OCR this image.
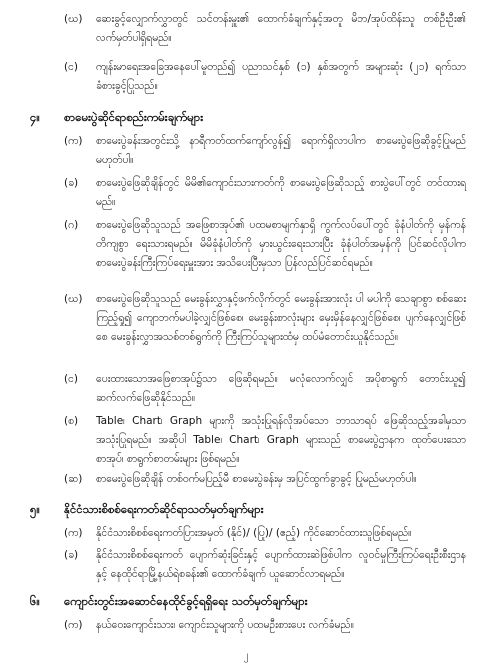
(ဃ) ဆေးခွင့်လျှောက်လွှာတွင် သင်တန်းမှူး၏ ထောက်ခံချက်နှင့်အတူ မိဘ/အုပ်ထိန်းသူ တစ်ဦးဦး၏ လက်မှတ်ပါရှိရမည်။
(င) ကျန်းမာရေးအခြေအနေပေါ်မူတည်၍ ပညာသင်နှစ် (၁) နှစ်အတွက် အများဆုံး (၂၁) ရက်သာ ခံစားခွင့်ပြုသည်။
၄။ စာမေးပွဲဆိုင်ရာစည်းကမ်းချက်များ
(က) စာမေးပွဲခန်းအတွင်းသို့ နာရီကတ်ထက်ကျော်လွန်၍ ရောက်ရှိလာပါက စာမေးပွဲဖြေဆိုခွင့်ပြုမည် မဟုတ်ပါ။
(ခ) စာမေးပွဲဖြေဆိုချိန်တွင် မိမိ၏ကျောင်းသားကတ်ကို စာမေးပွဲဖြေဆိုသည့် စားပွဲပေါ်တွင် တင်ထားရမည်။
(ဂ) စာမေးပွဲဖြေဆိုသူသည် အဖြေစာအုပ်၏ ပထမစာမျက်နှာရှိ ကွက်လပ်ပေါ်တွင် ခုံနံပါတ်ကို မှန်ကန်တိကျစွာ ရေးသားရမည်။ မိမိခုံနံပါတ်ကို မှားယွင်းရေးသားပြီး ခုံနံပါတ်အမှန်ကို ပြင်ဆင်လိုပါက စာမေးပွဲခန်းကြီးကြပ်ရေးမှူးအား အသိပေးပြီးမှသာ ပြန်လည်ပြင်ဆင်ရမည်။
(ဃ) စာမေးပွဲဖြေဆိုသူသည် မေးခွန်းလွှာနှင့်ဖက်လိုက်တွင် မေးခွန်းအားလုံး ပါ မပါကို သေချာစွာ စစ်ဆေးကြည့်ရှု၍ ကျောဘက်မပါခဲ့လျှင်ဖြစ်စေ၊ မေးခွန်းစာလုံးများ မှေးမှိန်နေလျှင်ဖြစ်စေ၊ ပျက်နေလျှင်ဖြစ်စေ မေးခွန်းလွှာအသစ်တစ်ရွက်ကို ကြီးကြပ်သူများထံမှ ထပ်မံတောင်းယူနိုင်သည်။
(င) ပေးထားသောအဖြေစာအုပ်၌သာ ဖြေဆိုရမည်။ မလုံလောက်လျှင် အပိုစာရွက် တောင်းယူ၍ ဆက်လက်ဖြေဆိုနိုင်သည်။
(စ) Table၊ Chart၊ Graph များကို အသုံးပြုရန်လိုအပ်သော ဘာသာရပ် ဖြေဆိုသည့်အခါမှသာ အသုံးပြုရမည်။ အဆိုပါ Table၊ Chart၊ Graph များသည် စာမေးပွဲဌာနက ထုတ်ပေးသော စာအုပ်၊ စာရွက်စာတမ်းများ ဖြစ်ရမည်။
(ဆ) စာမေးပွဲဖြေဆိုချိန် တစ်ဝက်မပြည့်မီ စာမေးပွဲခန်းမှ အပြင်ထွက်ခွာခွင့် ပြုမည်မဟုတ်ပါ။
၅။ နိုင်ငံသားစိစစ်ရေးကတ်ဆိုင်ရာသတ်မှတ်ချက်များ
(က) နိုင်ငံသားစိစစ်ရေးကတ်ပြားအမှတ် (နိုင်)/ (ပြု)/ (ဧည့်) ကိုင်ဆောင်ထားသူဖြစ်ရမည်။
(ခ) နိုင်ငံသားစိစစ်ရေးကတ် ပျောက်ဆုံးခြင်းနှင့် ပျောက်ထားဆဲဖြစ်ပါက လူဝင်မှုကြီးကြပ်ရေးဦးစီးဌာနနှင့် နေထိုင်ရာမြို့နယ်ရဲစခန်း၏ ထောက်ခံချက် ယူဆောင်လာရမည်။
၆။ ကျောင်းတွင်းအဆောင်နေထိုင်ခွင့်ရရှိရေး သတ်မှတ်ချက်များ
(က) နယ်ဝေးကျောင်းသား၊ ကျောင်းသူများကို ပထမဦးစားပေး လက်ခံမည်။
၂
